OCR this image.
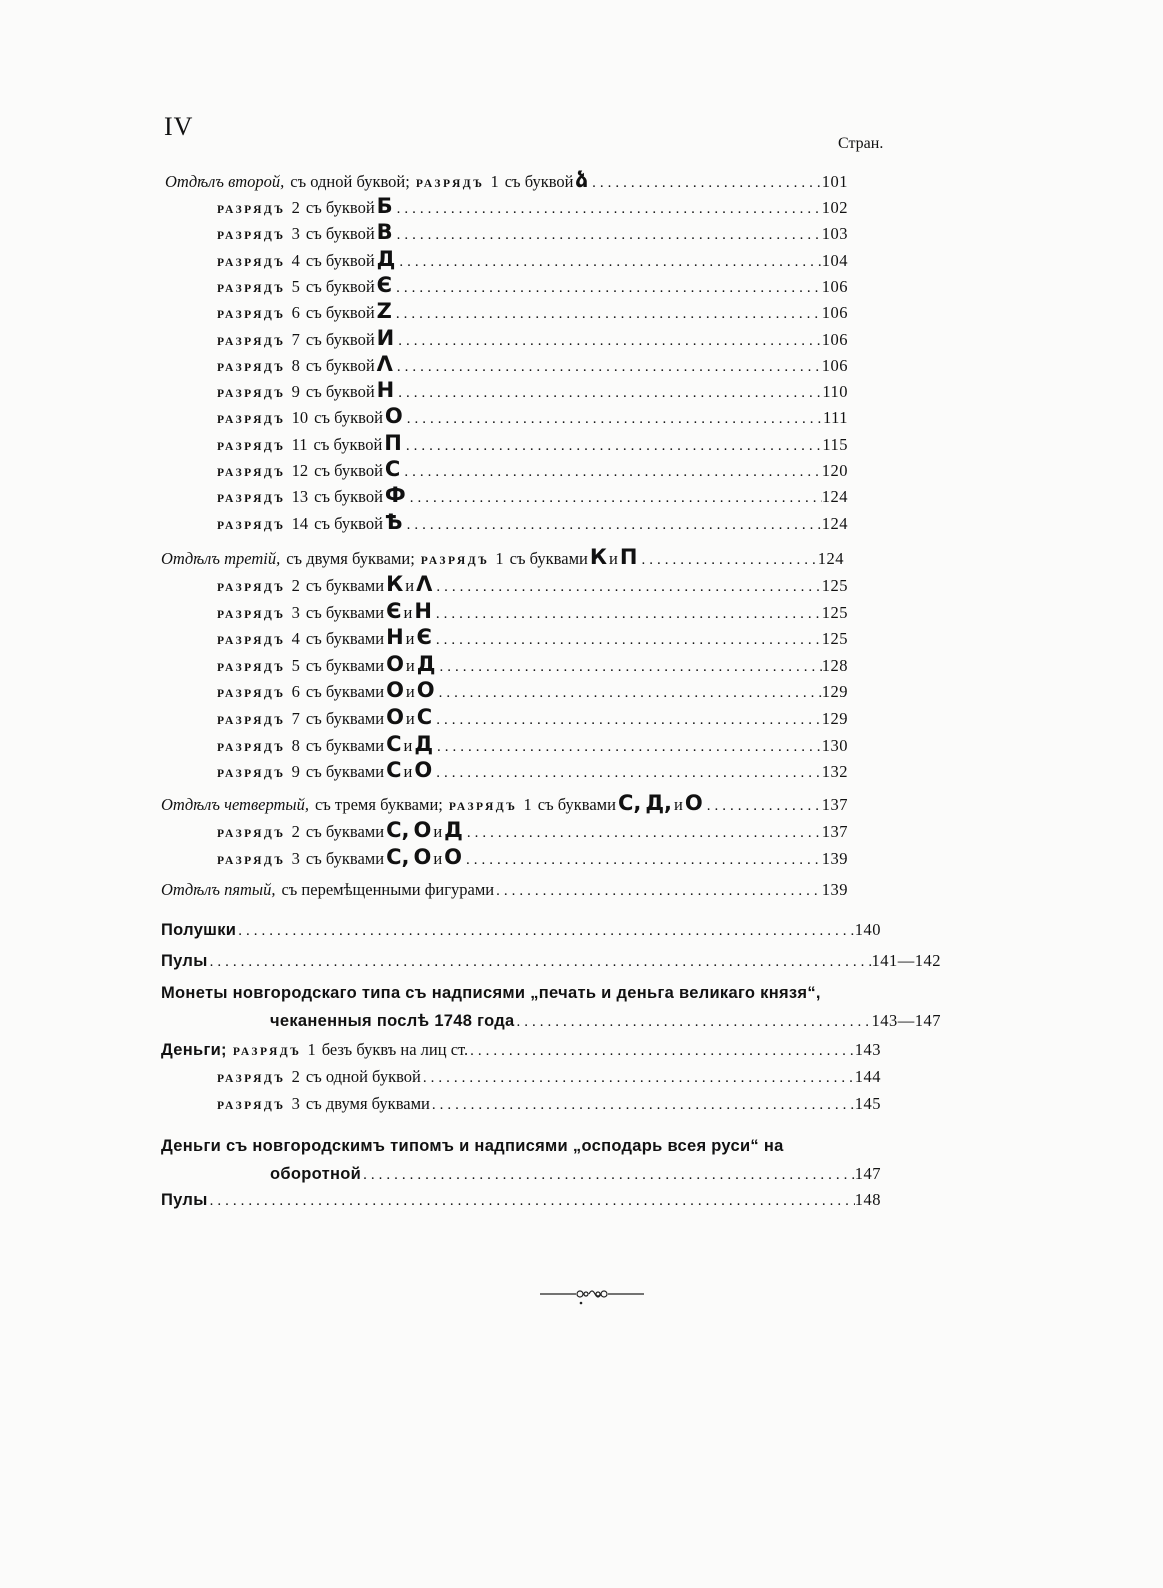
IV
Стран.
Отдѣлъ второй, съ одной буквой; РАЗРЯДЪ 1 съ буквой ձ .....	101
РАЗРЯДЪ 2 съ буквой Б .....	102
РАЗРЯДЪ 3 съ буквой В .....	103
РАЗРЯДЪ 4 съ буквой Д .....	104
РАЗРЯДЪ 5 съ буквой Є .....	106
РАЗРЯДЪ 6 съ буквой Ζ .....	106
РАЗРЯДЪ 7 съ буквой И .....	106
РАЗРЯДЪ 8 съ буквой Λ .....	106
РАЗРЯДЪ 9 съ буквой Н .....	110
РАЗРЯДЪ 10 съ буквой О .....	111
РАЗРЯДЪ 11 съ буквой П .....	115
РАЗРЯДЪ 12 съ буквой С .....	120
РАЗРЯДЪ 13 съ буквой Ф .....	124
РАЗРЯДЪ 14 съ буквой Ѣ .....	124
Отдѣлъ третій, съ двумя буквами; РАЗРЯДЪ 1 съ буквами К и П .....	124
РАЗРЯДЪ 2 съ буквами К и Λ .....	125
РАЗРЯДЪ 3 съ буквами Є и Н .....	125
РАЗРЯДЪ 4 съ буквами Н и Є .....	125
РАЗРЯДЪ 5 съ буквами О и Д .....	128
РАЗРЯДЪ 6 съ буквами О и О .....	129
РАЗРЯДЪ 7 съ буквами О и С .....	129
РАЗРЯДЪ 8 съ буквами С и Д .....	130
РАЗРЯДЪ 9 съ буквами С и О .....	132
Отдѣлъ четвертый, съ тремя буквами; РАЗРЯДЪ 1 съ буквами С, Д, и О .....	137
РАЗРЯДЪ 2 съ буквами С, О и Д .....	137
РАЗРЯДЪ 3 съ буквами С, О и О .....	139
Отдѣлъ пятый, съ перемѣщенными фигурами .....	139
Полушки .....	140
Пулы .....	141—142
Монеты новгородскаго типа съ надписями „печать и деньга великаго князя“,
чеканенныя послѣ 1748 года .....	143—147
Деньги; РАЗРЯДЪ 1 безъ буквъ на лиц ст. .....	143
РАЗРЯДЪ 2 съ одной буквой .....	144
РАЗРЯДЪ 3 съ двумя буквами .....	145
Деньги съ новгородскимъ типомъ и надписями „осподарь всея руси“ на
оборотной .....	147
Пулы .....	148
